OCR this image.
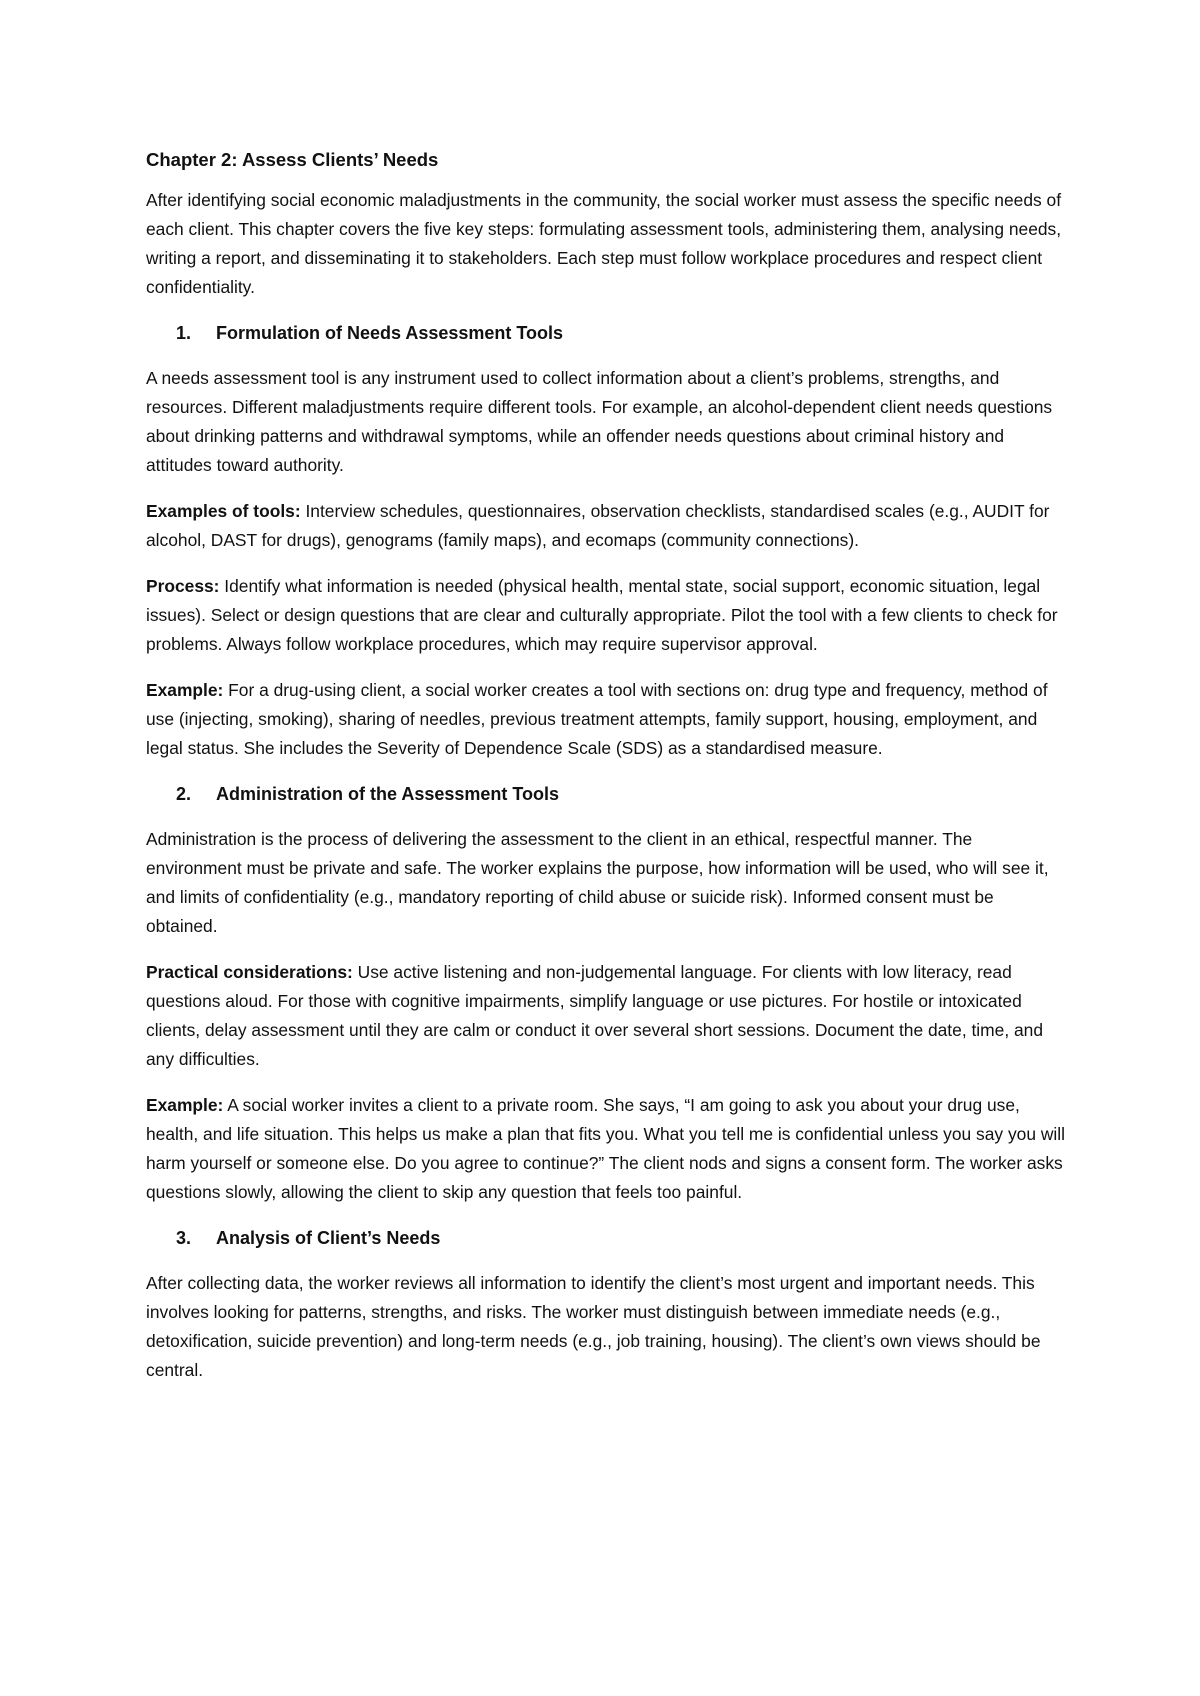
Chapter 2: Assess Clients’ Needs

After identifying social economic maladjustments in the community, the social worker must assess the specific needs of each client. This chapter covers the five key steps: formulating assessment tools, administering them, analysing needs, writing a report, and disseminating it to stakeholders. Each step must follow workplace procedures and respect client confidentiality.

1.	Formulation of Needs Assessment Tools

A needs assessment tool is any instrument used to collect information about a client’s problems, strengths, and resources. Different maladjustments require different tools. For example, an alcohol-dependent client needs questions about drinking patterns and withdrawal symptoms, while an offender needs questions about criminal history and attitudes toward authority.

Examples of tools: Interview schedules, questionnaires, observation checklists, standardised scales (e.g., AUDIT for alcohol, DAST for drugs), genograms (family maps), and ecomaps (community connections).

Process: Identify what information is needed (physical health, mental state, social support, economic situation, legal issues). Select or design questions that are clear and culturally appropriate. Pilot the tool with a few clients to check for problems. Always follow workplace procedures, which may require supervisor approval.

Example: For a drug-using client, a social worker creates a tool with sections on: drug type and frequency, method of use (injecting, smoking), sharing of needles, previous treatment attempts, family support, housing, employment, and legal status. She includes the Severity of Dependence Scale (SDS) as a standardised measure.

2.	Administration of the Assessment Tools

Administration is the process of delivering the assessment to the client in an ethical, respectful manner. The environment must be private and safe. The worker explains the purpose, how information will be used, who will see it, and limits of confidentiality (e.g., mandatory reporting of child abuse or suicide risk). Informed consent must be obtained.

Practical considerations: Use active listening and non-judgemental language. For clients with low literacy, read questions aloud. For those with cognitive impairments, simplify language or use pictures. For hostile or intoxicated clients, delay assessment until they are calm or conduct it over several short sessions. Document the date, time, and any difficulties.

Example: A social worker invites a client to a private room. She says, “I am going to ask you about your drug use, health, and life situation. This helps us make a plan that fits you. What you tell me is confidential unless you say you will harm yourself or someone else. Do you agree to continue?” The client nods and signs a consent form. The worker asks questions slowly, allowing the client to skip any question that feels too painful.

3.	Analysis of Client’s Needs

After collecting data, the worker reviews all information to identify the client’s most urgent and important needs. This involves looking for patterns, strengths, and risks. The worker must distinguish between immediate needs (e.g., detoxification, suicide prevention) and long-term needs (e.g., job training, housing). The client’s own views should be central.
